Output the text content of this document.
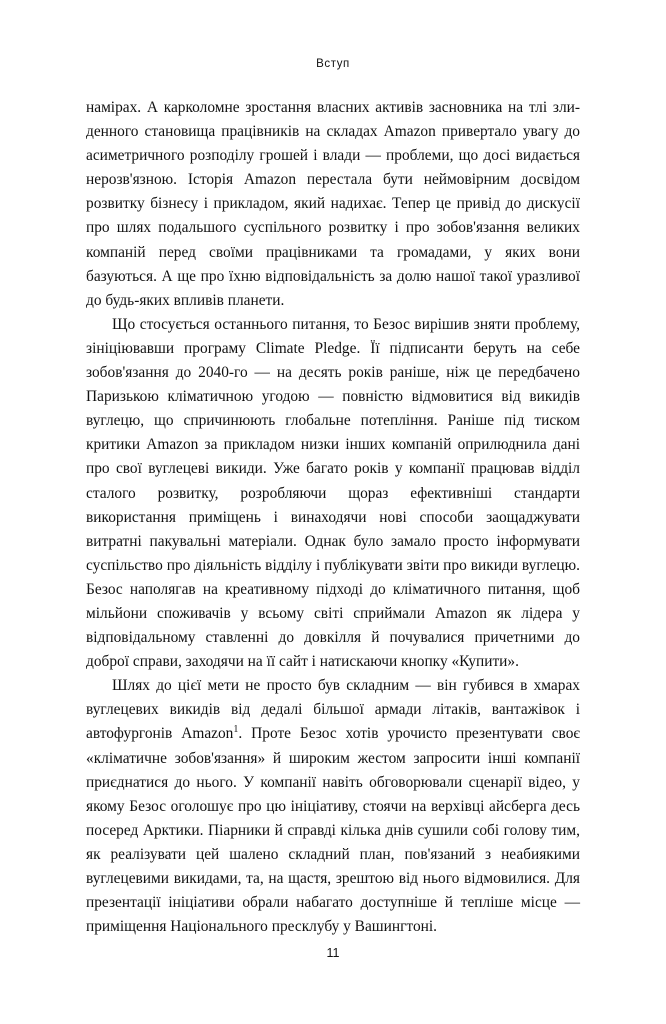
Вступ

намірах. А карколомне зростання власних активів засновника на тлі злиденного становища працівників на складах Amazon привертало увагу до асиметричного розподілу грошей і влади — проблеми, що досі видається нерозв'язною. Історія Amazon перестала бути неймовірним досвідом розвитку бізнесу і прикладом, який надихає. Тепер це привід до дискусії про шлях подальшого суспільного розвитку і про зобов'язання великих компаній перед своїми працівниками та громадами, у яких вони базуються. А ще про їхню відповідальність за долю нашої такої уразливої до будь-яких впливів планети.

Що стосується останнього питання, то Безос вирішив зняти проблему, зініціювавши програму Climate Pledge. Її підписанти беруть на себе зобов'язання до 2040-го — на десять років раніше, ніж це передбачено Паризькою кліматичною угодою — повністю відмовитися від викидів вуглецю, що спричинюють глобальне потепління. Раніше під тиском критики Amazon за прикладом низки інших компаній оприлюднила дані про свої вуглецеві викиди. Уже багато років у компанії працював відділ сталого розвитку, розробляючи щораз ефективніші стандарти використання приміщень і винаходячи нові способи заощаджувати витратні пакувальні матеріали. Однак було замало просто інформувати суспільство про діяльність відділу і публікувати звіти про викиди вуглецю. Безос наполягав на креативному підході до кліматичного питання, щоб мільйони споживачів у всьому світі сприймали Amazon як лідера у відповідальному ставленні до довкілля й почувалися причетними до доброї справи, заходячи на її сайт і натискаючи кнопку «Купити».

Шлях до цієї мети не просто був складним — він губився в хмарах вуглецевих викидів від дедалі більшої армади літаків, вантажівок і автофургонів Amazon$^1$. Проте Безос хотів урочисто презентувати своє «кліматичне зобов'язання» й широким жестом запросити інші компанії приєднатися до нього. У компанії навіть обговорювали сценарії відео, у якому Безос оголошує про цю ініціативу, стоячи на верхівці айсберга десь посеред Арктики. Піарники й справді кілька днів сушили собі голову тим, як реалізувати цей шалено складний план, пов'язаний з неабиякими вуглецевими викидами, та, на щастя, зрештою від нього відмовилися. Для презентації ініціативи обрали набагато доступніше й тепліше місце — приміщення Національного пресклубу у Вашингтоні.

11
